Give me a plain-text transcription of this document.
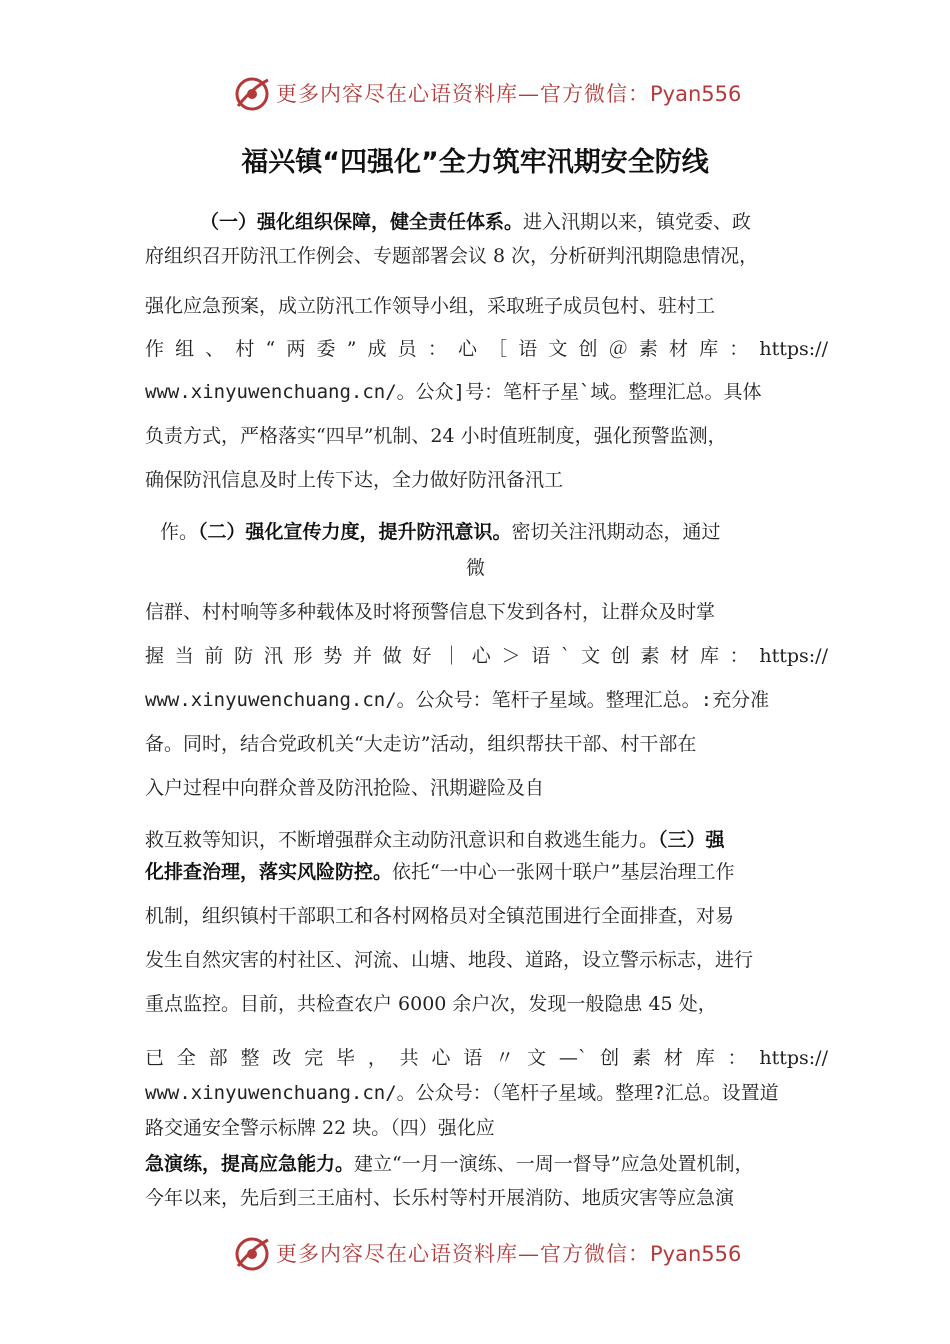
更多内容尽在心语资料库—官方微信：Pyan556
福兴镇“四强化”全力筑牢汛期安全防线
（一）强化组织保障，健全责任体系。进入汛期以来，镇党委、政
府组织召开防汛工作例会、专题部署会议 8 次，分析研判汛期隐患情况，
强化应急预案，成立防汛工作领导小组，采取班子成员包村、驻村工
作组、村“两委”成员：心［语文创＠素材库：https://
www.xinyuwenchuang.cn/。公众]号：笔杆子星`域。整理汇总。具体
负责方式，严格落实“四早”机制、24 小时值班制度，强化预警监测，
确保防汛信息及时上传下达，全力做好防汛备汛工
作。（二）强化宣传力度，提升防汛意识。密切关注汛期动态，通过
微
信群、村村响等多种载体及时将预警信息下发到各村，让群众及时掌
握当前防汛形势并做好｜心＞语`文创素材库：https://
www.xinyuwenchuang.cn/。公众号：笔杆子星域。整理汇总。:充分准
备。同时，结合党政机关“大走访”活动，组织帮扶干部、村干部在
入户过程中向群众普及防汛抢险、汛期避险及自
救互救等知识，不断增强群众主动防汛意识和自救逃生能力。（三）强
化排查治理，落实风险防控。依托“一中心一张网十联户”基层治理工作
机制，组织镇村干部职工和各村网格员对全镇范围进行全面排查，对易
发生自然灾害的村社区、河流、山塘、地段、道路，设立警示标志，进行
重点监控。目前，共检查农户 6000 余户次，发现一般隐患 45 处，
已全部整改完毕，共心语〃文—`创素材库：https://
www.xinyuwenchuang.cn/。公众号：（笔杆子星域。整理?汇总。设置道
路交通安全警示标牌 22 块。（四）强化应
急演练，提高应急能力。建立“一月一演练、一周一督导”应急处置机制，
今年以来，先后到三王庙村、长乐村等村开展消防、地质灾害等应急演
更多内容尽在心语资料库—官方微信：Pyan556
